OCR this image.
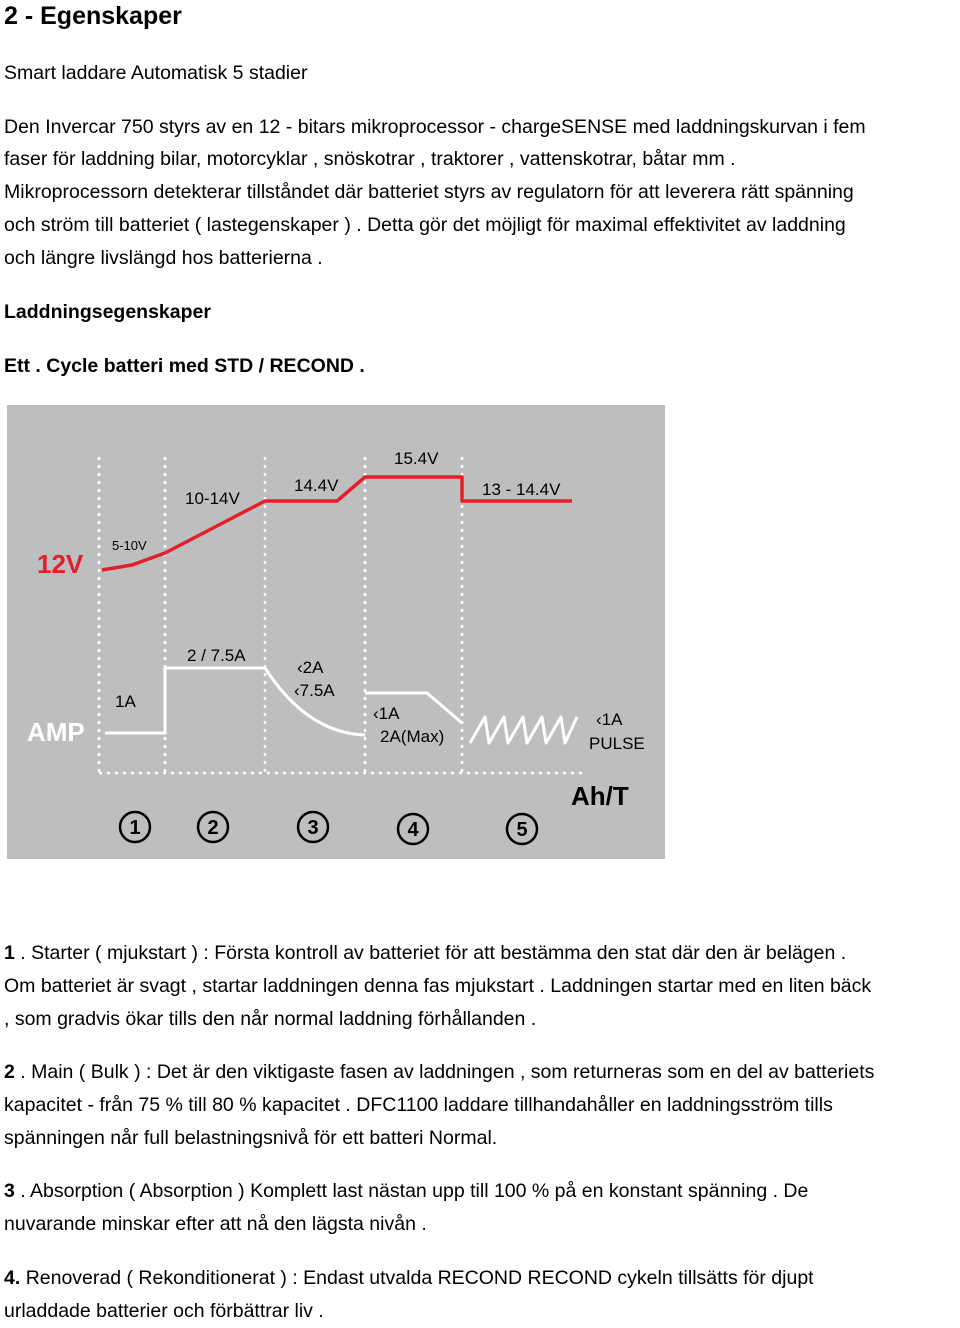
2 - Egenskaper

Smart laddare Automatisk 5 stadier

Den Invercar 750 styrs av en 12 - bitars mikroprocessor - chargeSENSE med laddningskurvan i fem

faser för laddning bilar, motorcyklar , snöskotrar , traktorer , vattenskotrar, båtar mm .

Mikroprocessorn detekterar tillståndet där batteriet styrs av regulatorn för att leverera rätt spänning

och ström till batteriet ( lastegenskaper ) . Detta gör det möjligt för maximal effektivitet av laddning

och längre livslängd hos batterierna .

Laddningsegenskaper

Ett . Cycle batteri med STD / RECOND .

12V
AMP
Ah/T
5-10V
10-14V
14.4V
15.4V
13 - 14.4V
1A
2 / 7.5A
‹2A
‹7.5A
‹1A
2A(Max)
‹1A
PULSE
1	2	3	4	5

1 . Starter ( mjukstart ) : Första kontroll av batteriet för att bestämma den stat där den är belägen .

Om batteriet är svagt , startar laddningen denna fas mjukstart . Laddningen startar med en liten bäck

, som gradvis ökar tills den når normal laddning förhållanden .

2 . Main ( Bulk ) : Det är den viktigaste fasen av laddningen , som returneras som en del av batteriets

kapacitet - från 75 % till 80 % kapacitet . DFC1100 laddare tillhandahåller en laddningsström tills

spänningen når full belastningsnivå för ett batteri Normal.

3 . Absorption ( Absorption ) Komplett last nästan upp till 100 % på en konstant spänning . De

nuvarande minskar efter att nå den lägsta nivån .

4. Renoverad ( Rekonditionerat ) : Endast utvalda RECOND RECOND cykeln tillsätts för djupt

urladdade batterier och förbättrar liv .
